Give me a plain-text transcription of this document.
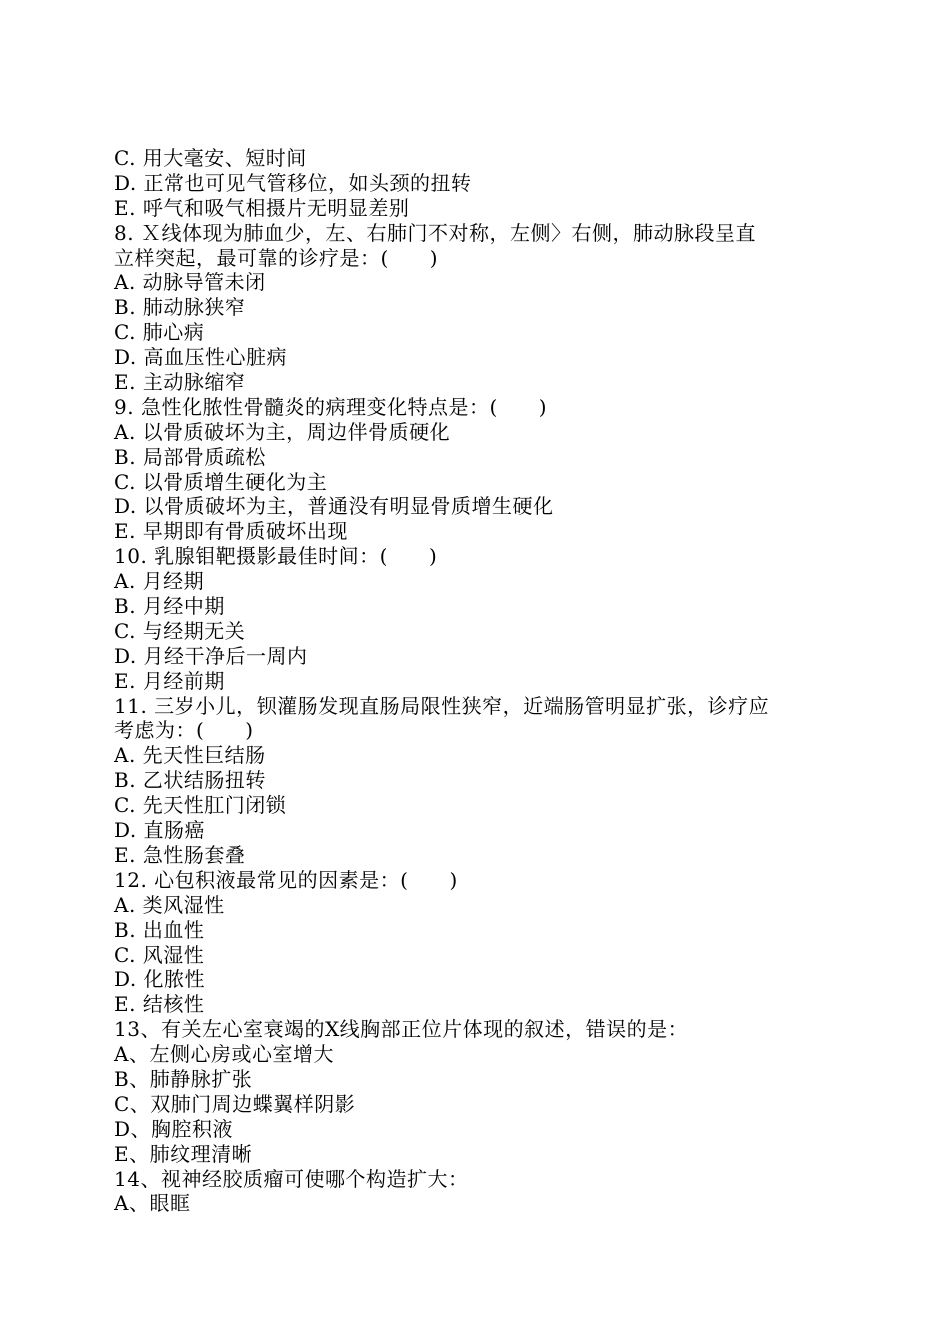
C. 用大毫安、短时间
D. 正常也可见气管移位，如头颈的扭转
E. 呼气和吸气相摄片无明显差别
8. Ｘ线体现为肺血少，左、右肺门不对称，左侧〉右侧，肺动脉段呈直
立样突起，最可靠的诊疗是：(　　)
A. 动脉导管未闭
B. 肺动脉狭窄
C. 肺心病
D. 高血压性心脏病
E. 主动脉缩窄
9. 急性化脓性骨髓炎的病理变化特点是：(　　)
A. 以骨质破坏为主，周边伴骨质硬化
B. 局部骨质疏松
C. 以骨质增生硬化为主
D. 以骨质破坏为主，普通没有明显骨质增生硬化
E. 早期即有骨质破坏出现
10. 乳腺钼靶摄影最佳时间：(　　)
A. 月经期
B. 月经中期
C. 与经期无关
D. 月经干净后一周内
E. 月经前期
11. 三岁小儿，钡灌肠发现直肠局限性狭窄，近端肠管明显扩张，诊疗应
考虑为：(　　)
A. 先天性巨结肠
B. 乙状结肠扭转
C. 先天性肛门闭锁
D. 直肠癌
E. 急性肠套叠
12. 心包积液最常见的因素是：(　　)
A. 类风湿性
B. 出血性
C. 风湿性
D. 化脓性
E. 结核性
13、有关左心室衰竭的X线胸部正位片体现的叙述，错误的是：
A、左侧心房或心室增大
B、肺静脉扩张
C、双肺门周边蝶翼样阴影
D、胸腔积液
E、肺纹理清晰
14、视神经胶质瘤可使哪个构造扩大：
A、眼眶
